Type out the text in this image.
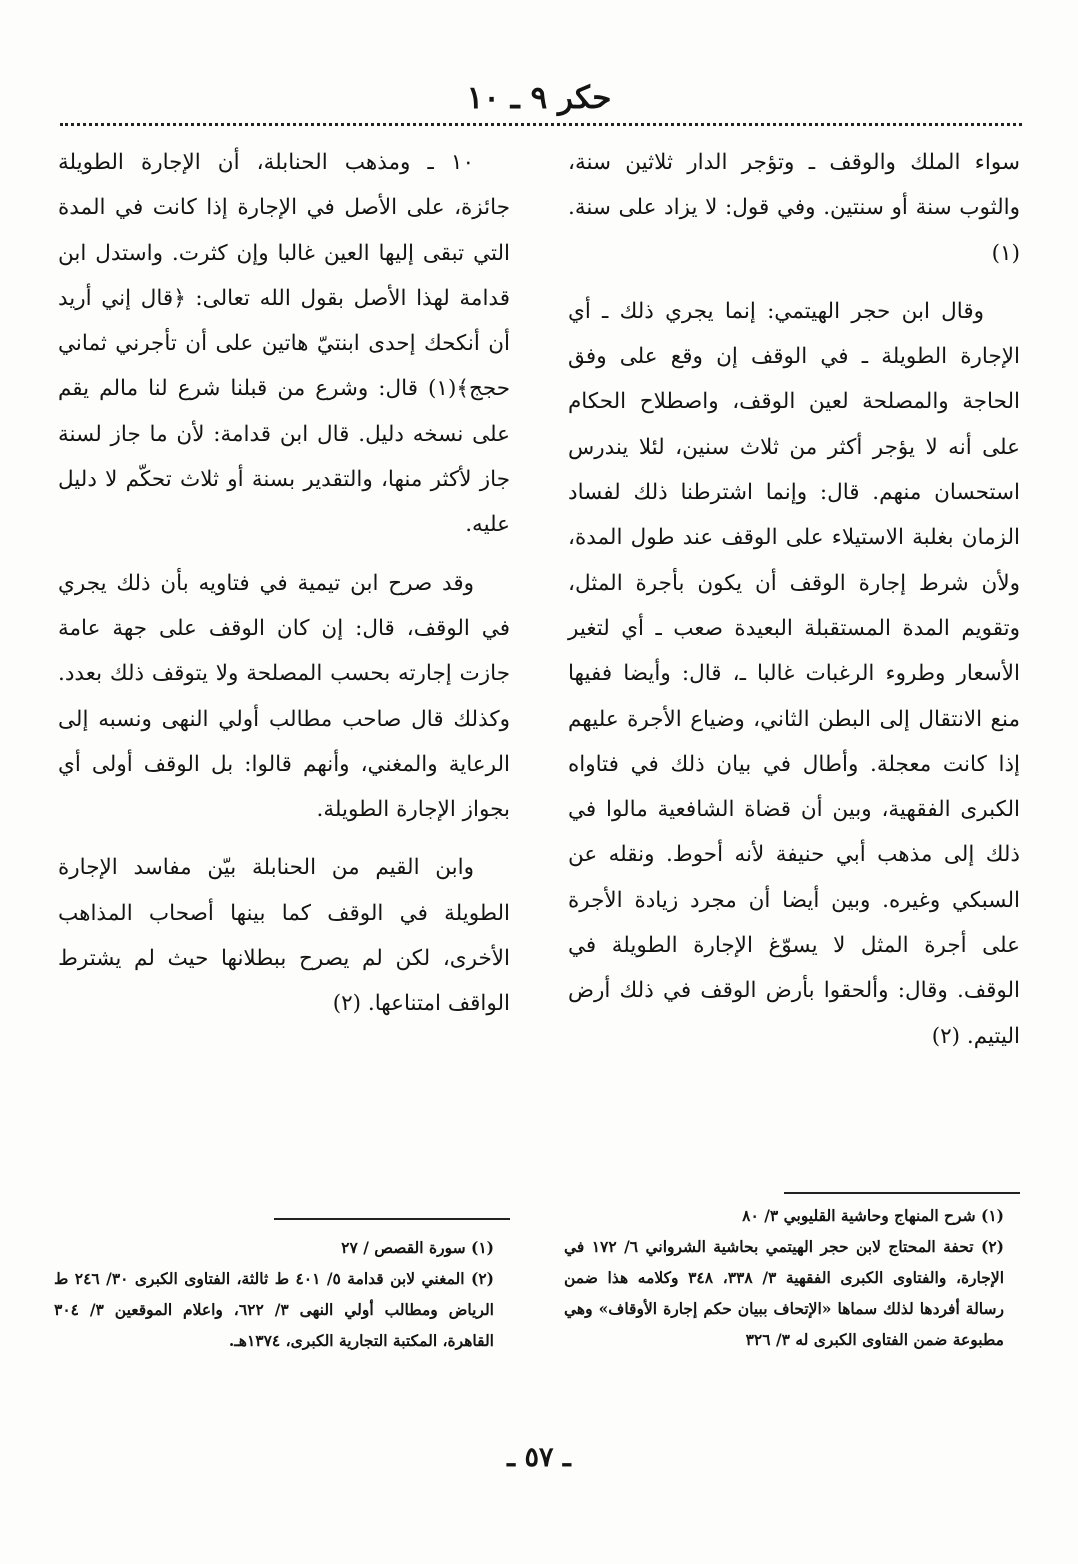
حكر ٩ ـ ١٠

سواء الملك والوقف ـ وتؤجر الدار ثلاثين سنة، والثوب سنة أو سنتين. وفي قول: لا يزاد على سنة. (١)

وقال ابن حجر الهيتمي: إنما يجري ذلك ـ أي الإجارة الطويلة ـ في الوقف إن وقع على وفق الحاجة والمصلحة لعين الوقف، واصطلاح الحكام على أنه لا يؤجر أكثر من ثلاث سنين، لئلا يندرس استحسان منهم. قال: وإنما اشترطنا ذلك لفساد الزمان بغلبة الاستيلاء على الوقف عند طول المدة، ولأن شرط إجارة الوقف أن يكون بأجرة المثل، وتقويم المدة المستقبلة البعيدة صعب ـ أي لتغير الأسعار وطروء الرغبات غالبا ـ، قال: وأيضا ففيها منع الانتقال إلى البطن الثاني، وضياع الأجرة عليهم إذا كانت معجلة. وأطال في بيان ذلك في فتاواه الكبرى الفقهية، وبين أن قضاة الشافعية مالوا في ذلك إلى مذهب أبي حنيفة لأنه أحوط. ونقله عن السبكي وغيره. وبين أيضا أن مجرد زيادة الأجرة على أجرة المثل لا يسوّغ الإجارة الطويلة في الوقف. وقال: وألحقوا بأرض الوقف في ذلك أرض اليتيم. (٢)

١٠ ـ ومذهب الحنابلة، أن الإجارة الطويلة جائزة، على الأصل في الإجارة إذا كانت في المدة التي تبقى إليها العين غالبا وإن كثرت. واستدل ابن قدامة لهذا الأصل بقول الله تعالى: ﴿قال إني أريد أن أنكحك إحدى ابنتيّ هاتين على أن تأجرني ثماني حجج﴾(١) قال: وشرع من قبلنا شرع لنا مالم يقم على نسخه دليل. قال ابن قدامة: لأن ما جاز لسنة جاز لأكثر منها، والتقدير بسنة أو ثلاث تحكّم لا دليل عليه.

وقد صرح ابن تيمية في فتاويه بأن ذلك يجري في الوقف، قال: إن كان الوقف على جهة عامة جازت إجارته بحسب المصلحة ولا يتوقف ذلك بعدد. وكذلك قال صاحب مطالب أولي النهى ونسبه إلى الرعاية والمغني، وأنهم قالوا: بل الوقف أولى أي بجواز الإجارة الطويلة.

وابن القيم من الحنابلة بيّن مفاسد الإجارة الطويلة في الوقف كما بينها أصحاب المذاهب الأخرى، لكن لم يصرح ببطلانها حيث لم يشترط الواقف امتناعها. (٢)

(١) شرح المنهاج وحاشية القليوبي ٣/ ٨٠

(٢) تحفة المحتاج لابن حجر الهيتمي بحاشية الشرواني ٦/ ١٧٢ في الإجارة، والفتاوى الكبرى الفقهية ٣/ ٣٣٨، ٣٤٨ وكلامه هذا ضمن رسالة أفردها لذلك سماها «الإتحاف ببيان حكم إجارة الأوقاف» وهي مطبوعة ضمن الفتاوى الكبرى له ٣/ ٣٢٦

(١) سورة القصص / ٢٧

(٢) المغني لابن قدامة ٥/ ٤٠١ ط ثالثة، الفتاوى الكبرى ٣٠/ ٢٤٦ ط الرياض ومطالب أولي النهى ٣/ ٦٢٢، واعلام الموقعين ٣/ ٣٠٤ القاهرة، المكتبة التجارية الكبرى، ١٣٧٤هـ.

ـ ٥٧ ـ
